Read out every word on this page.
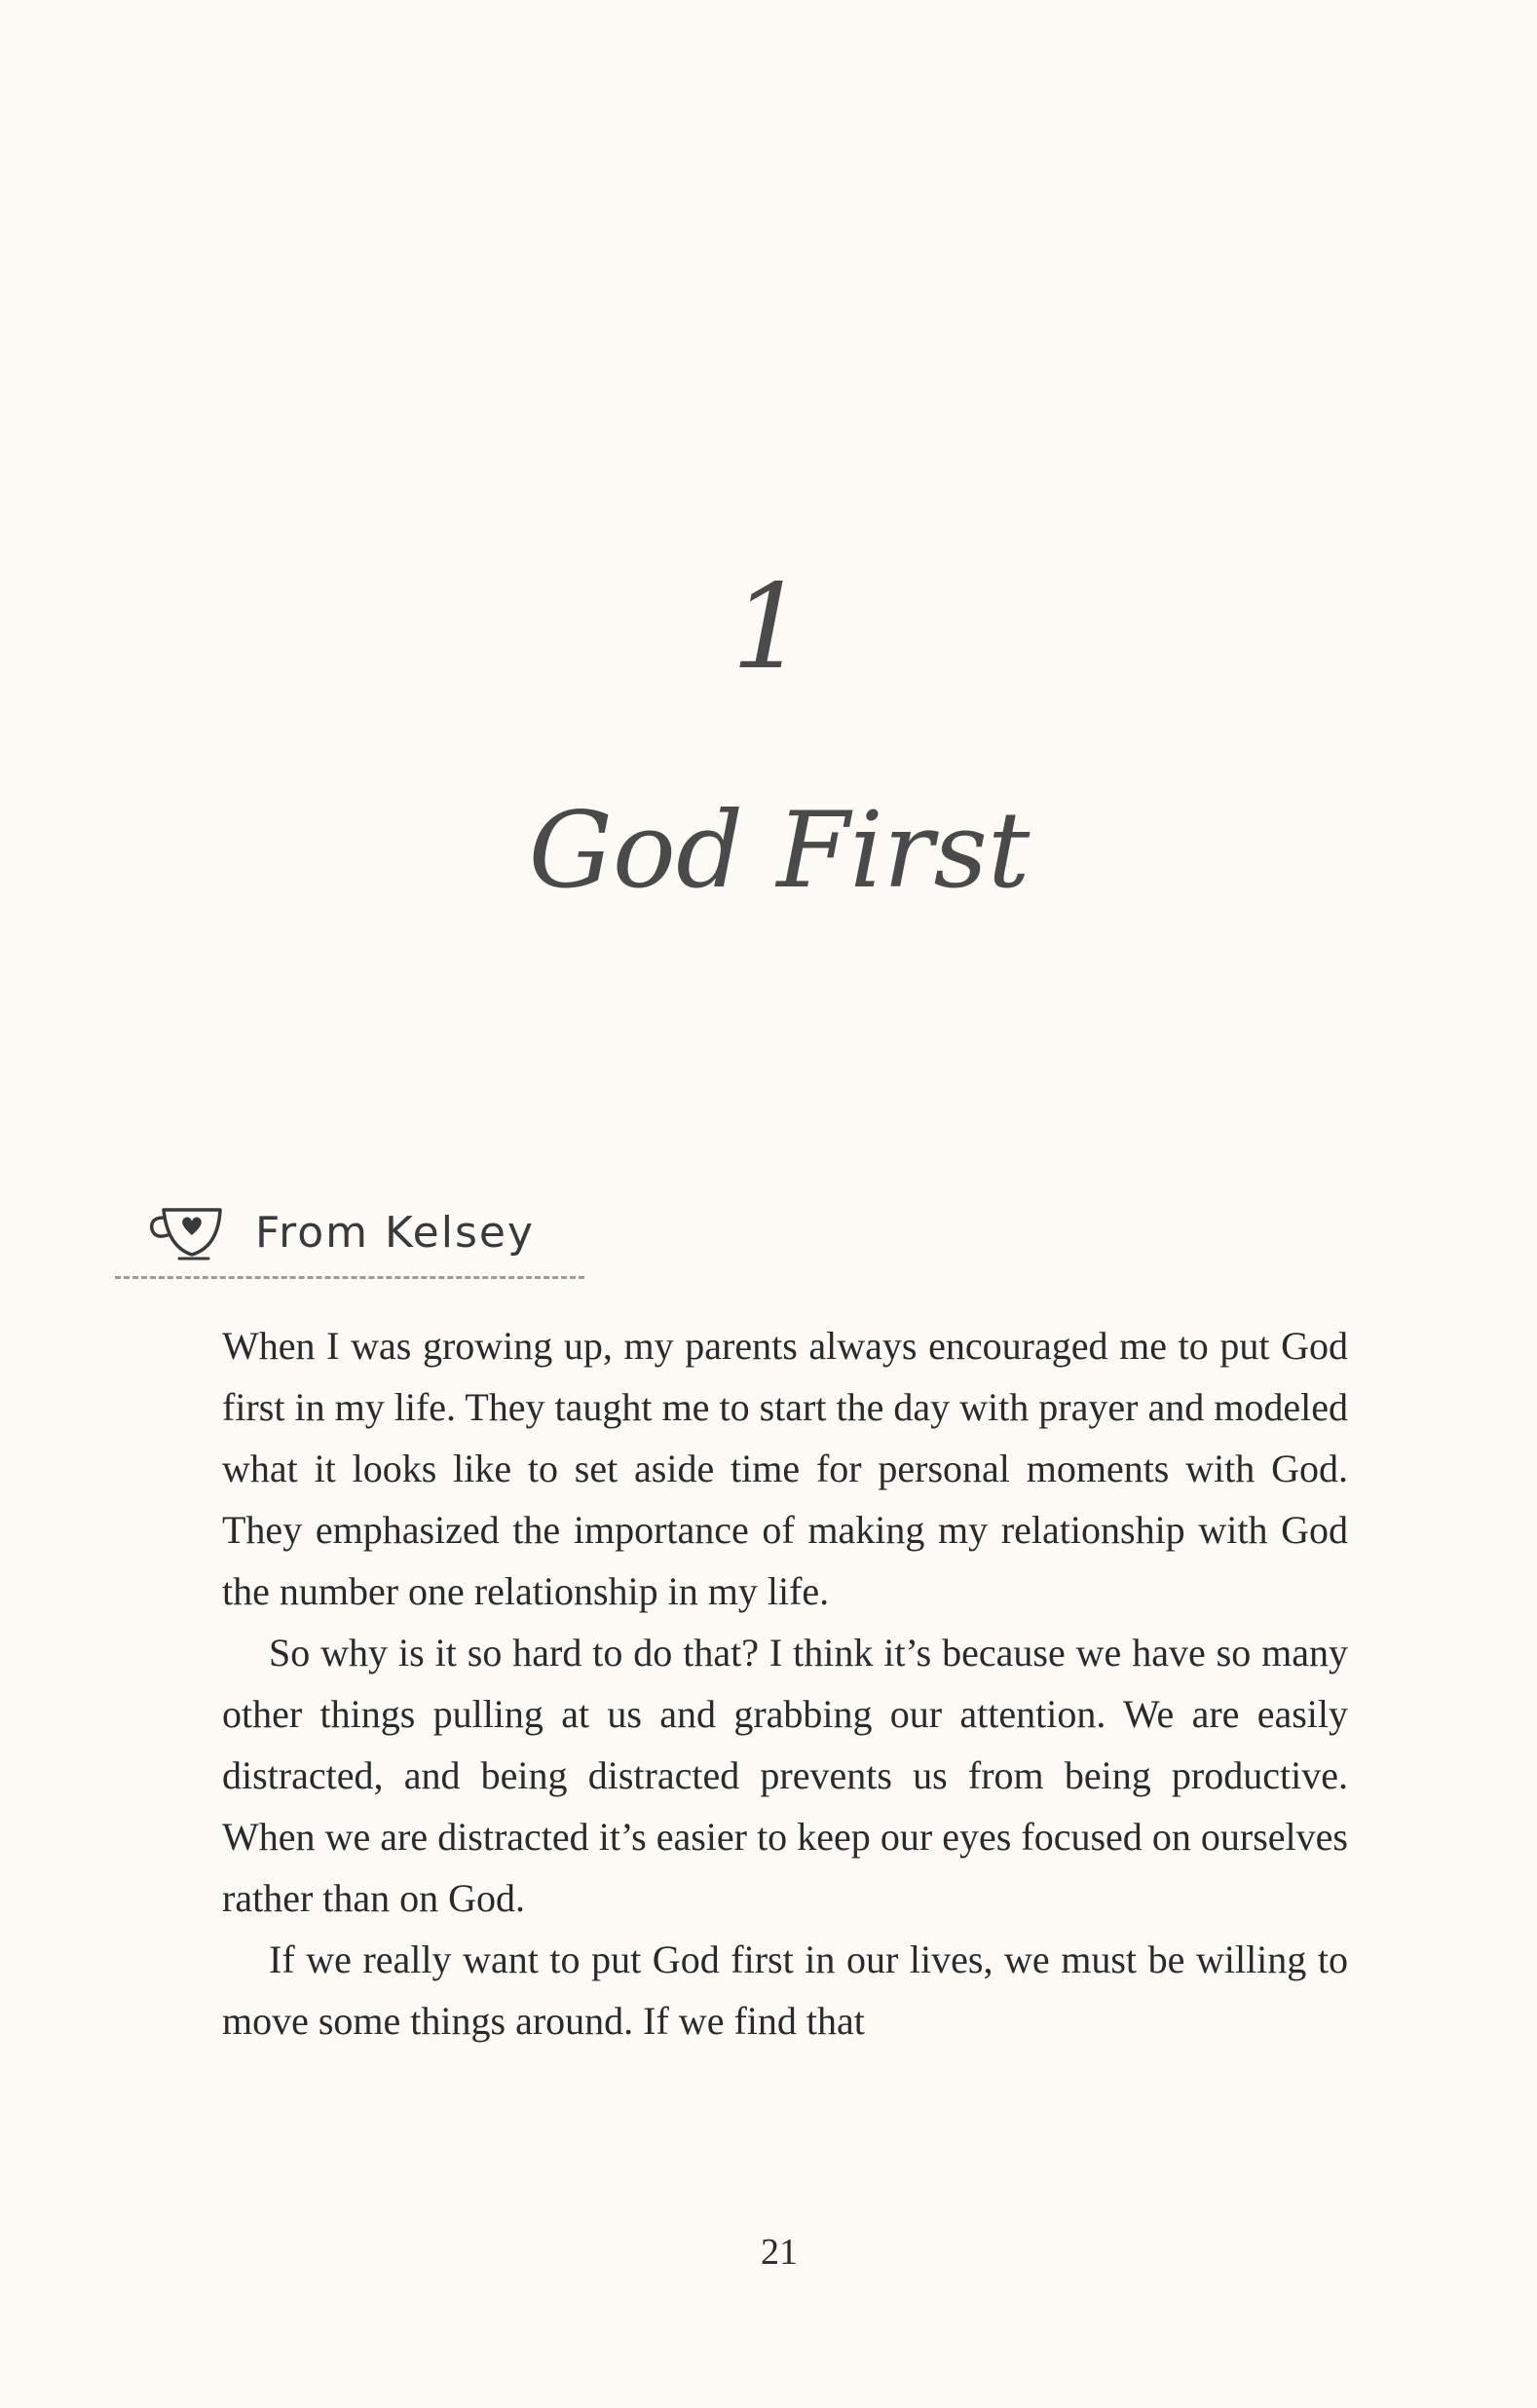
1
God First
From Kelsey

When I was growing up, my parents always encouraged me to put God first in my life. They taught me to start the day with prayer and modeled what it looks like to set aside time for personal moments with God. They emphasized the importance of making my relationship with God the number one relationship in my life.

So why is it so hard to do that? I think it’s because we have so many other things pulling at us and grabbing our attention. We are easily distracted, and being distracted prevents us from being productive. When we are distracted it’s easier to keep our eyes focused on ourselves rather than on God.

If we really want to put God first in our lives, we must be willing to move some things around. If we find that

21
